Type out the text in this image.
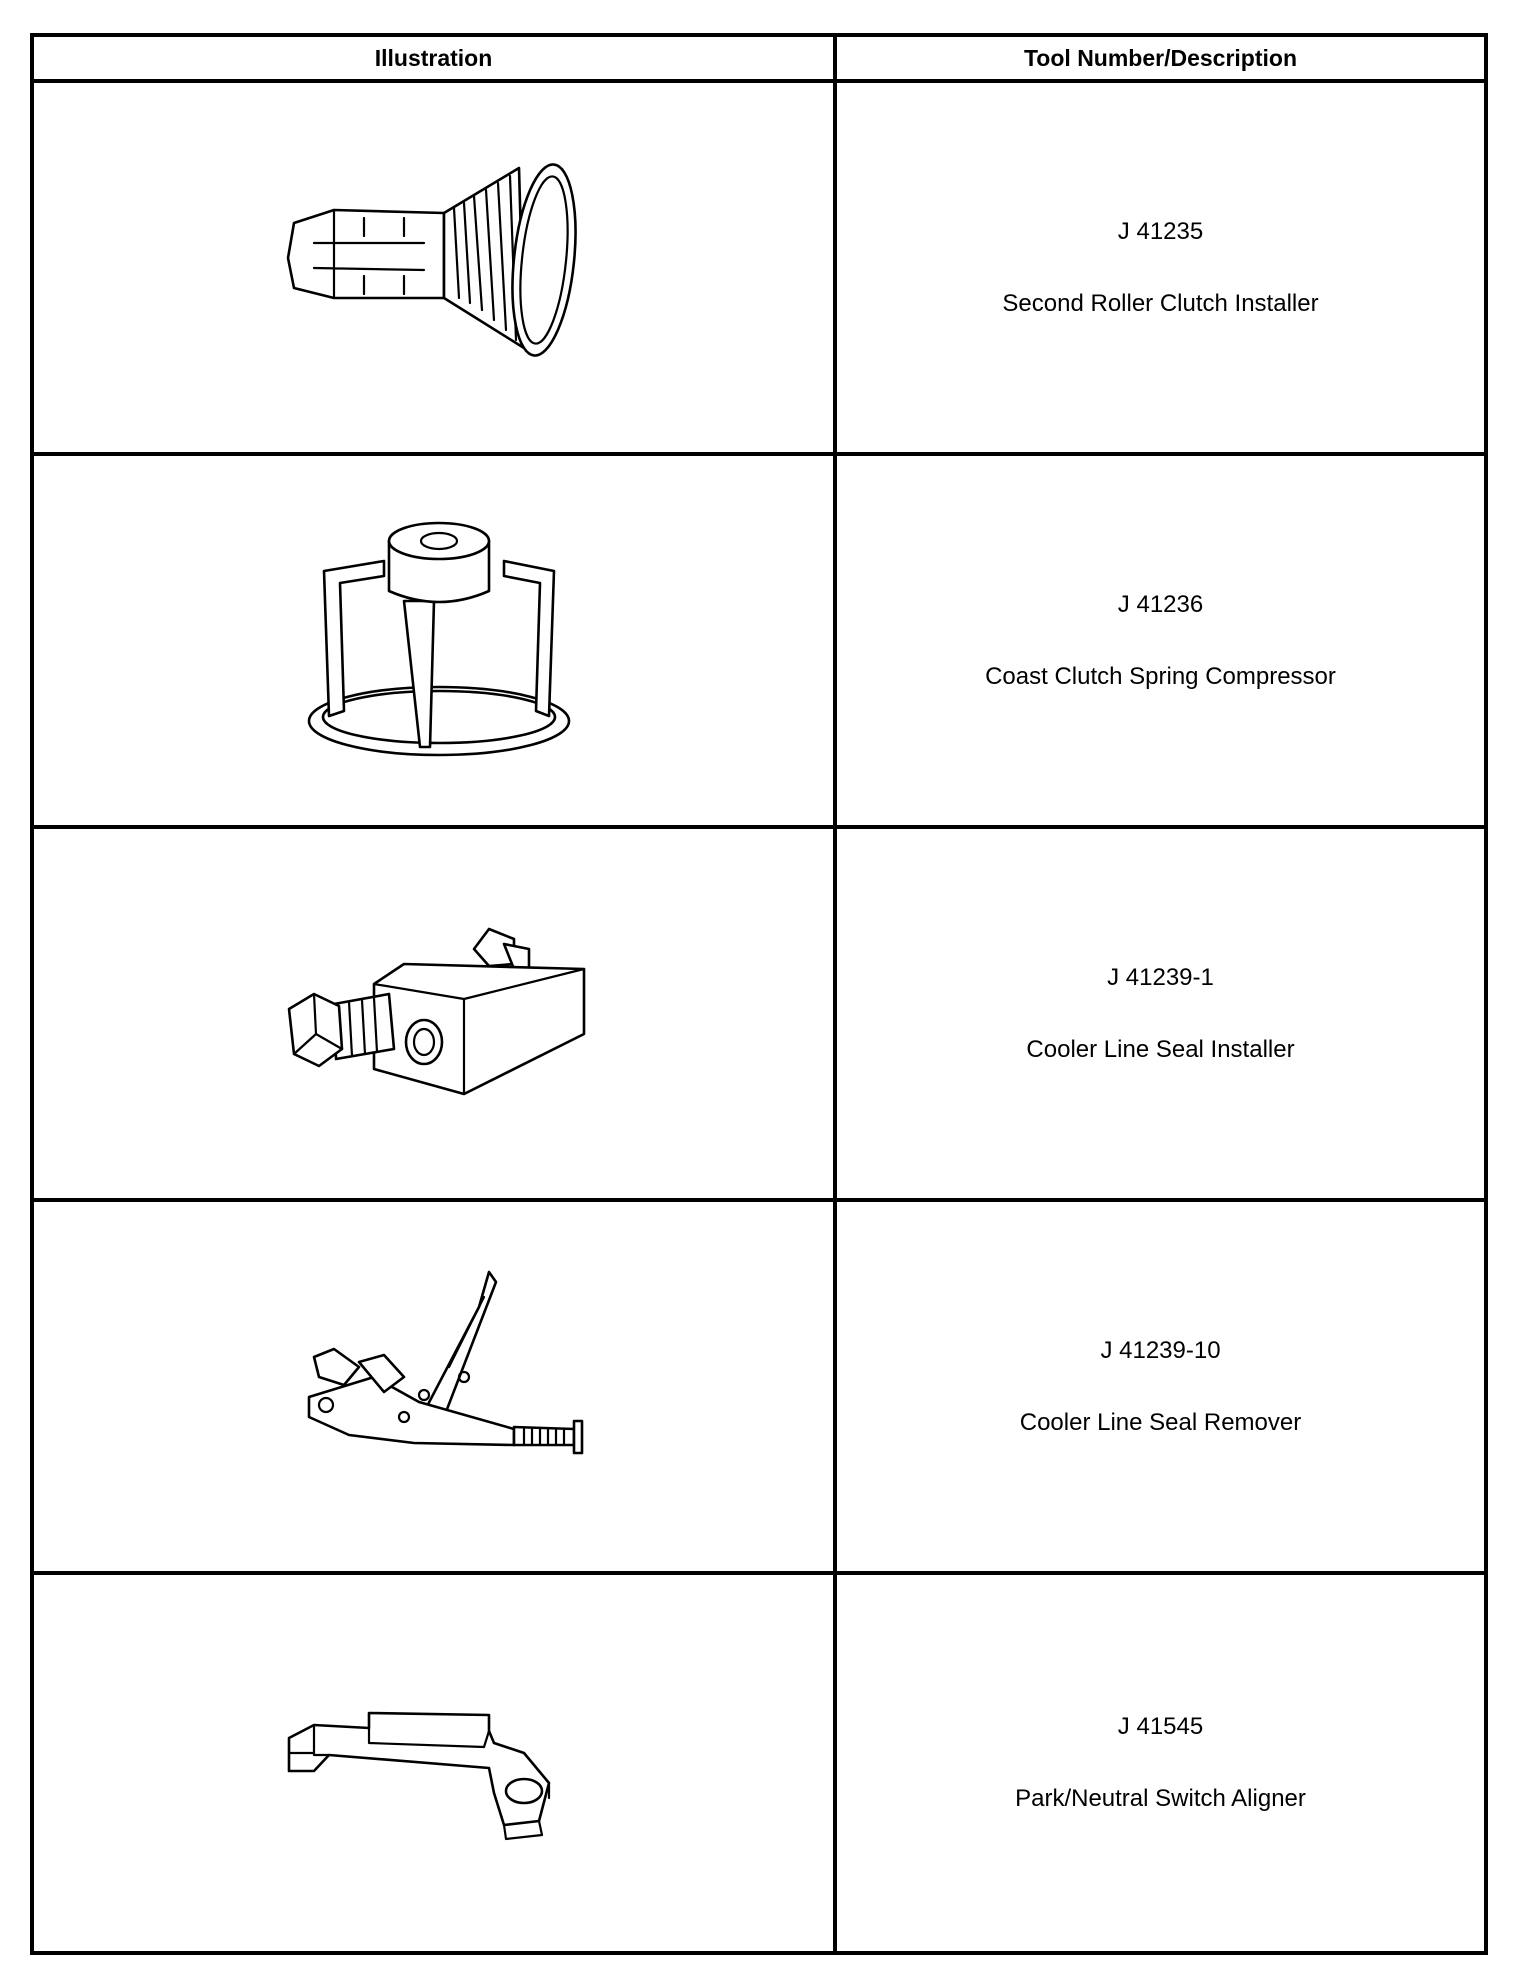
Illustration	Tool Number/Description
J 41235
Second Roller Clutch Installer
J 41236
Coast Clutch Spring Compressor
J 41239-1
Cooler Line Seal Installer
J 41239-10
Cooler Line Seal Remover
J 41545
Park/Neutral Switch Aligner
